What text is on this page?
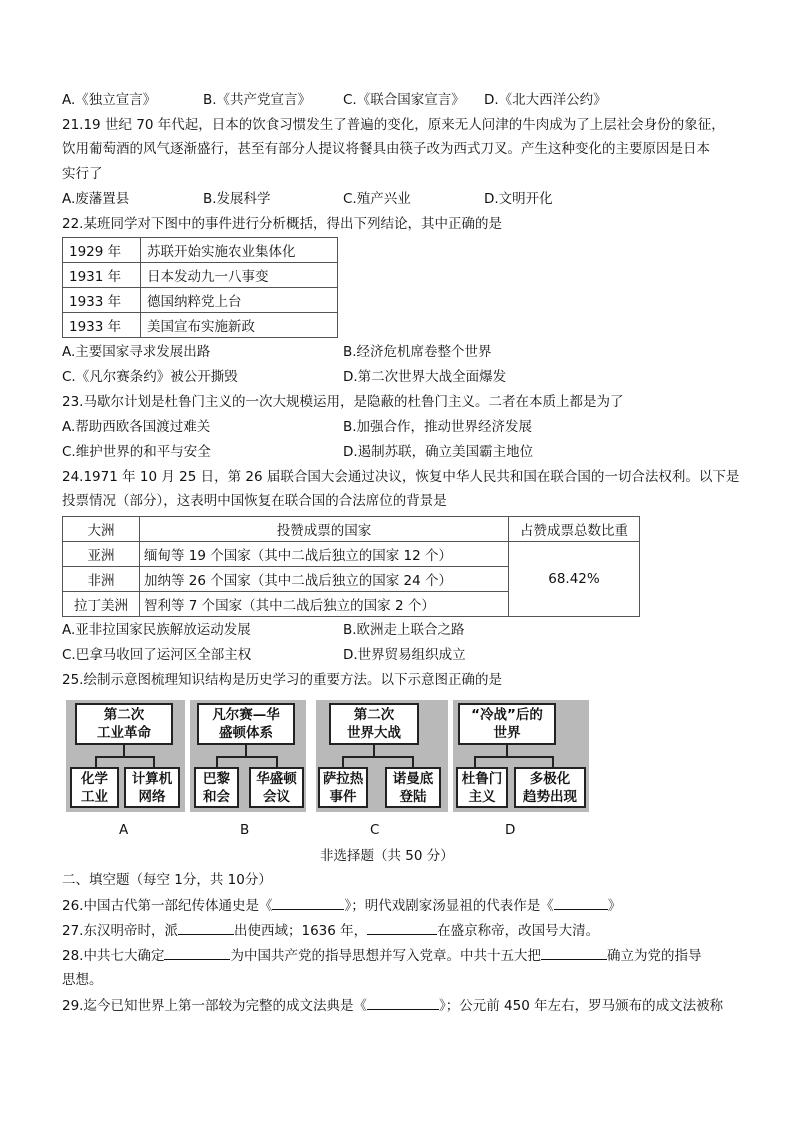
A.《独立宣言》	B.《共产党宣言》 C.《联合国家宣言》 D.《北大西洋公约》
21.19 世纪 70 年代起，日本的饮食习惯发生了普遍的变化，原来无人问津的牛肉成为了上层社会身份的象征，
饮用葡萄酒的风气逐渐盛行，甚至有部分人提议将餐具由筷子改为西式刀叉。产生这种变化的主要原因是日本
实行了
A.废藩置县	B.发展科学	C.殖产兴业	D.文明开化
22.某班同学对下图中的事件进行分析概括，得出下列结论，其中正确的是
1929 年	苏联开始实施农业集体化
1931 年	日本发动九一八事变
1933 年	德国纳粹党上台
1933 年	美国宣布实施新政
A.主要国家寻求发展出路	B.经济危机席卷整个世界
C.《凡尔赛条约》被公开撕毁	D.第二次世界大战全面爆发
23.马歇尔计划是杜鲁门主义的一次大规模运用，是隐蔽的杜鲁门主义。二者在本质上都是为了
A.帮助西欧各国渡过难关	B.加强合作，推动世界经济发展
C.维护世界的和平与安全	D.遏制苏联，确立美国霸主地位
24.1971 年 10 月 25 日，第 26 届联合国大会通过决议，恢复中华人民共和国在联合国的一切合法权利。以下是
投票情况（部分），这表明中国恢复在联合国的合法席位的背景是
大洲	投赞成票的国家	占赞成票总数比重
亚洲	缅甸等 19 个国家（其中二战后独立的国家 12 个）	68.42%
非洲	加纳等 26 个国家（其中二战后独立的国家 24 个）	
拉丁美洲	智利等 7 个国家（其中二战后独立的国家 2 个）	
A.亚非拉国家民族解放运动发展	B.欧洲走上联合之路
C.巴拿马收回了运河区全部主权	D.世界贸易组织成立
25.绘制示意图梳理知识结构是历史学习的重要方法。以下示意图正确的是
第二次
工业革命
化学
工业
计算机
网络
A
凡尔赛—华
盛顿体系
巴黎
和会
华盛顿
会议
B
第二次
世界大战
萨拉热
事件
诺曼底
登陆
C
“冷战”后的
世界
杜鲁门
主义
多极化
趋势出现
D
非选择题（共 50 分）
二、填空题（每空 1分，共 10分）
26.中国古代第一部纪传体通史是《	》；明代戏剧家汤显祖的代表作是《	》
27.东汉明帝时，派	出使西域；1636 年，	在盛京称帝，改国号大清。
28.中共七大确定	为中国共产党的指导思想并写入党章。中共十五大把	确立为党的指导
思想。
29.迄今已知世界上第一部较为完整的成文法典是《	》；公元前 450 年左右，罗马颁布的成文法被称
